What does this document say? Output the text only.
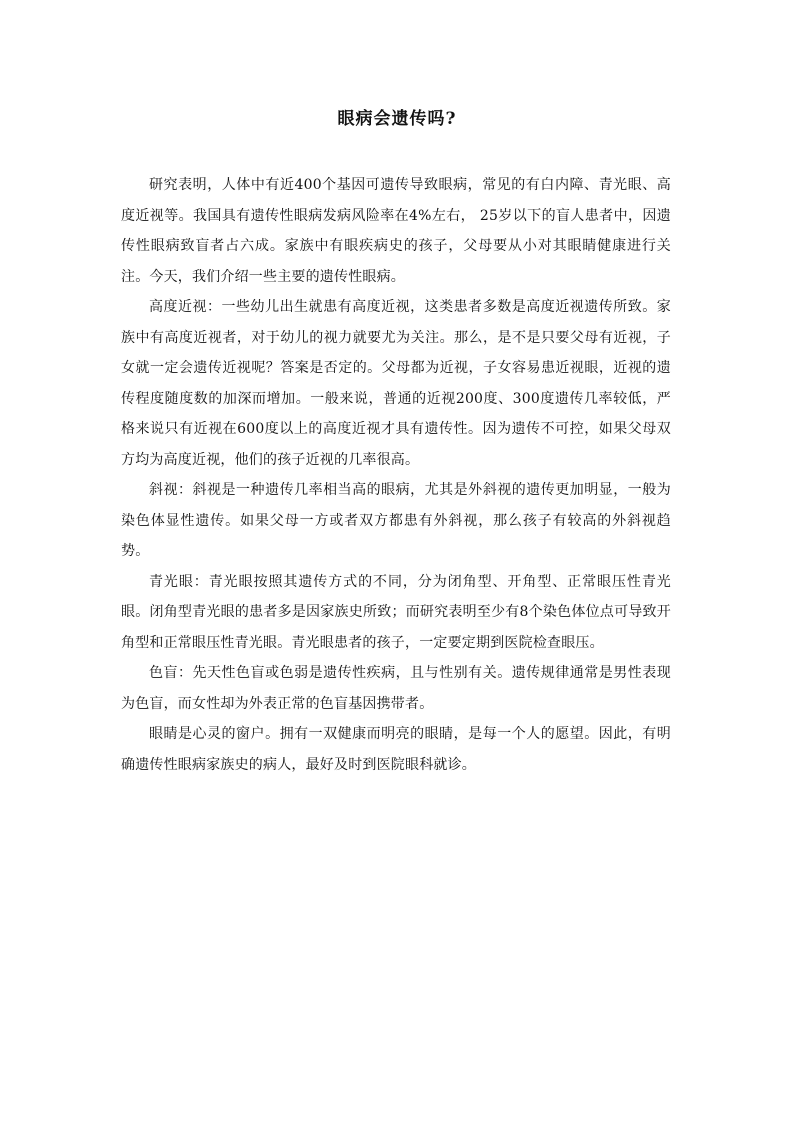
眼病会遗传吗?

研究表明，人体中有近400个基因可遗传导致眼病，常见的有白内障、青光眼、高度近视等。我国具有遗传性眼病发病风险率在4%左右， 25岁以下的盲人患者中，因遗传性眼病致盲者占六成。家族中有眼疾病史的孩子，父母要从小对其眼睛健康进行关注。今天，我们介绍一些主要的遗传性眼病。

高度近视：一些幼儿出生就患有高度近视，这类患者多数是高度近视遗传所致。家族中有高度近视者，对于幼儿的视力就要尤为关注。那么，是不是只要父母有近视，子女就一定会遗传近视呢？答案是否定的。父母都为近视，子女容易患近视眼，近视的遗传程度随度数的加深而增加。一般来说，普通的近视200度、300度遗传几率较低，严格来说只有近视在600度以上的高度近视才具有遗传性。因为遗传不可控，如果父母双方均为高度近视，他们的孩子近视的几率很高。

斜视：斜视是一种遗传几率相当高的眼病，尤其是外斜视的遗传更加明显，一般为染色体显性遗传。如果父母一方或者双方都患有外斜视，那么孩子有较高的外斜视趋势。

青光眼：青光眼按照其遗传方式的不同，分为闭角型、开角型、正常眼压性青光眼。闭角型青光眼的患者多是因家族史所致；而研究表明至少有8个染色体位点可导致开角型和正常眼压性青光眼。青光眼患者的孩子，一定要定期到医院检查眼压。

色盲：先天性色盲或色弱是遗传性疾病，且与性别有关。遗传规律通常是男性表现为色盲，而女性却为外表正常的色盲基因携带者。

眼睛是心灵的窗户。拥有一双健康而明亮的眼睛，是每一个人的愿望。因此，有明确遗传性眼病家族史的病人，最好及时到医院眼科就诊。
